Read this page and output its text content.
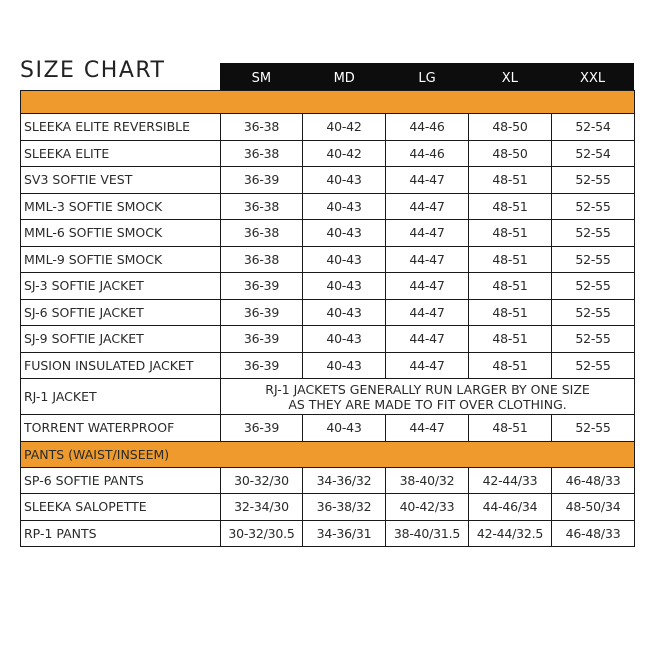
SIZE CHART	SM	MD	LG	XL	XXL

SLEEKA ELITE REVERSIBLE	36-38	40-42	44-46	48-50	52-54
SLEEKA ELITE	36-38	40-42	44-46	48-50	52-54
SV3 SOFTIE VEST	36-39	40-43	44-47	48-51	52-55
MML-3 SOFTIE SMOCK	36-38	40-43	44-47	48-51	52-55
MML-6 SOFTIE SMOCK	36-38	40-43	44-47	48-51	52-55
MML-9 SOFTIE SMOCK	36-38	40-43	44-47	48-51	52-55
SJ-3 SOFTIE JACKET	36-39	40-43	44-47	48-51	52-55
SJ-6 SOFTIE JACKET	36-39	40-43	44-47	48-51	52-55
SJ-9 SOFTIE JACKET	36-39	40-43	44-47	48-51	52-55
FUSION INSULATED JACKET	36-39	40-43	44-47	48-51	52-55
RJ-1 JACKET	RJ-1 JACKETS GENERALLY RUN LARGER BY ONE SIZE
AS THEY ARE MADE TO FIT OVER CLOTHING.				

TORRENT WATERPROOF	36-39	40-43	44-47	48-51	52-55
PANTS (WAIST/INSEEM)					
SP-6 SOFTIE PANTS	30-32/30	34-36/32	38-40/32	42-44/33	46-48/33
SLEEKA SALOPETTE	32-34/30	36-38/32	40-42/33	44-46/34	48-50/34
RP-1 PANTS	30-32/30.5	34-36/31	38-40/31.5	42-44/32.5	46-48/33
